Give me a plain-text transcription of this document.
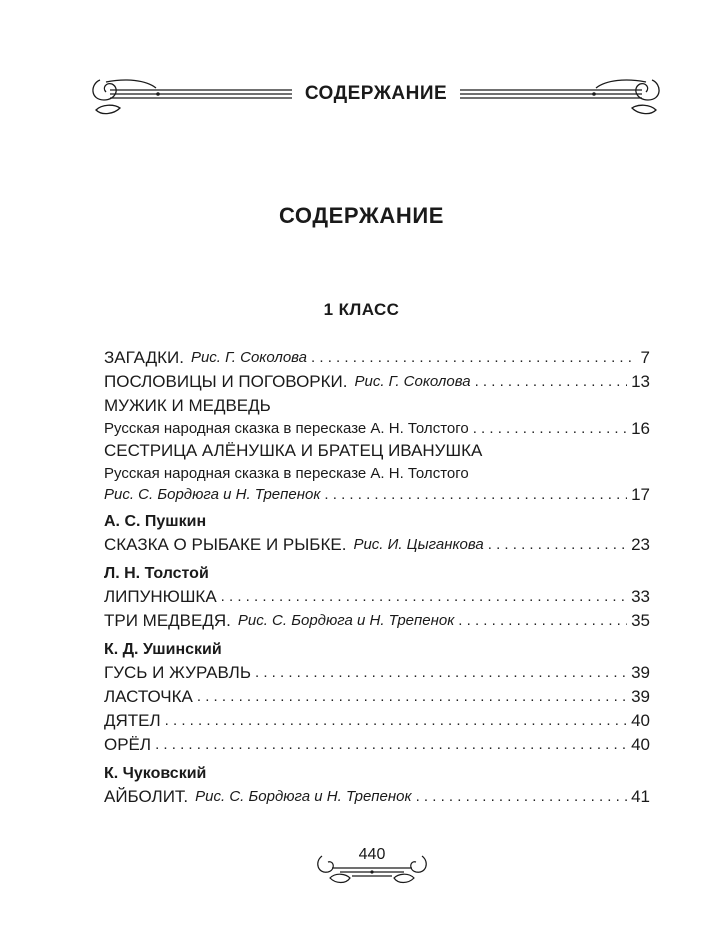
СОДЕРЖАНИЕ
СОДЕРЖАНИЕ
1 КЛАСС
ЗАГАДКИ. Рис. Г. Соколова . . .	7
ПОСЛОВИЦЫ И ПОГОВОРКИ. Рис. Г. Соколова . . .	13
МУЖИК И МЕДВЕДЬ
Русская народная сказка в пересказе А. Н. Толстого . . .	16
СЕСТРИЦА АЛЁНУШКА И БРАТЕЦ ИВАНУШКА
Русская народная сказка в пересказе А. Н. Толстого
Рис. С. Бордюга и Н. Трепенок . . .	17
А. С. Пушкин
СКАЗКА О РЫБАКЕ И РЫБКЕ. Рис. И. Цыганкова . . .	23
Л. Н. Толстой
ЛИПУНЮШКА . . .	33
ТРИ МЕДВЕДЯ. Рис. С. Бордюга и Н. Трепенок . . .	35
К. Д. Ушинский
ГУСЬ И ЖУРАВЛЬ . . .	39
ЛАСТОЧКА . . .	39
ДЯТЕЛ . . .	40
ОРЁЛ . . .	40
К. Чуковский
АЙБОЛИТ. Рис. С. Бордюга и Н. Трепенок . . .	41
440
